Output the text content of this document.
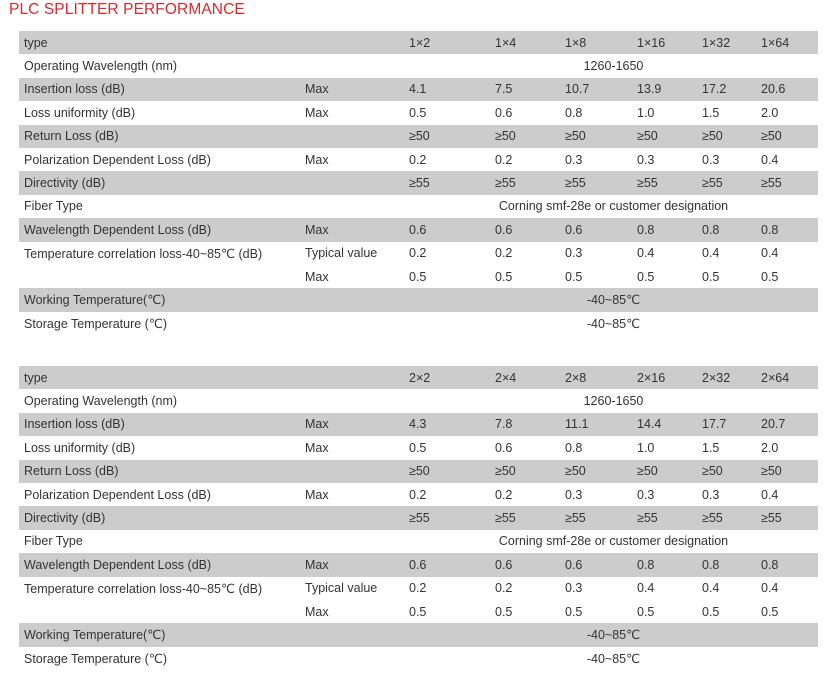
PLC SPLITTER PERFORMANCE
type		1×2	1×4	1×8	1×16	1×32	1×64
Operating Wavelength (nm)		1260-1650					
Insertion loss (dB)	Max	4.1	7.5	10.7	13.9	17.2	20.6
Loss uniformity (dB)	Max	0.5	0.6	0.8	1.0	1.5	2.0
Return Loss (dB)		≥50	≥50	≥50	≥50	≥50	≥50
Polarization Dependent Loss (dB)	Max	0.2	0.2	0.3	0.3	0.3	0.4
Directivity (dB)		≥55	≥55	≥55	≥55	≥55	≥55
Fiber Type		Corning smf-28e or customer designation					
Wavelength Dependent Loss (dB)	Max	0.6	0.6	0.6	0.8	0.8	0.8
Temperature correlation loss-40~85℃ (dB)	Typical value	0.2	0.2	0.3	0.4	0.4	0.4
	Max	0.5	0.5	0.5	0.5	0.5	0.5
Working Temperature(℃)		-40~85℃					
Storage Temperature (℃)		-40~85℃					
type		2×2	2×4	2×8	2×16	2×32	2×64
Operating Wavelength (nm)		1260-1650					
Insertion loss (dB)	Max	4.3	7.8	11.1	14.4	17.7	20.7
Loss uniformity (dB)	Max	0.5	0.6	0.8	1.0	1.5	2.0
Return Loss (dB)		≥50	≥50	≥50	≥50	≥50	≥50
Polarization Dependent Loss (dB)	Max	0.2	0.2	0.3	0.3	0.3	0.4
Directivity (dB)		≥55	≥55	≥55	≥55	≥55	≥55
Fiber Type		Corning smf-28e or customer designation					
Wavelength Dependent Loss (dB)	Max	0.6	0.6	0.6	0.8	0.8	0.8
Temperature correlation loss-40~85℃ (dB)	Typical value	0.2	0.2	0.3	0.4	0.4	0.4
	Max	0.5	0.5	0.5	0.5	0.5	0.5
Working Temperature(℃)		-40~85℃					
Storage Temperature (℃)		-40~85℃					
